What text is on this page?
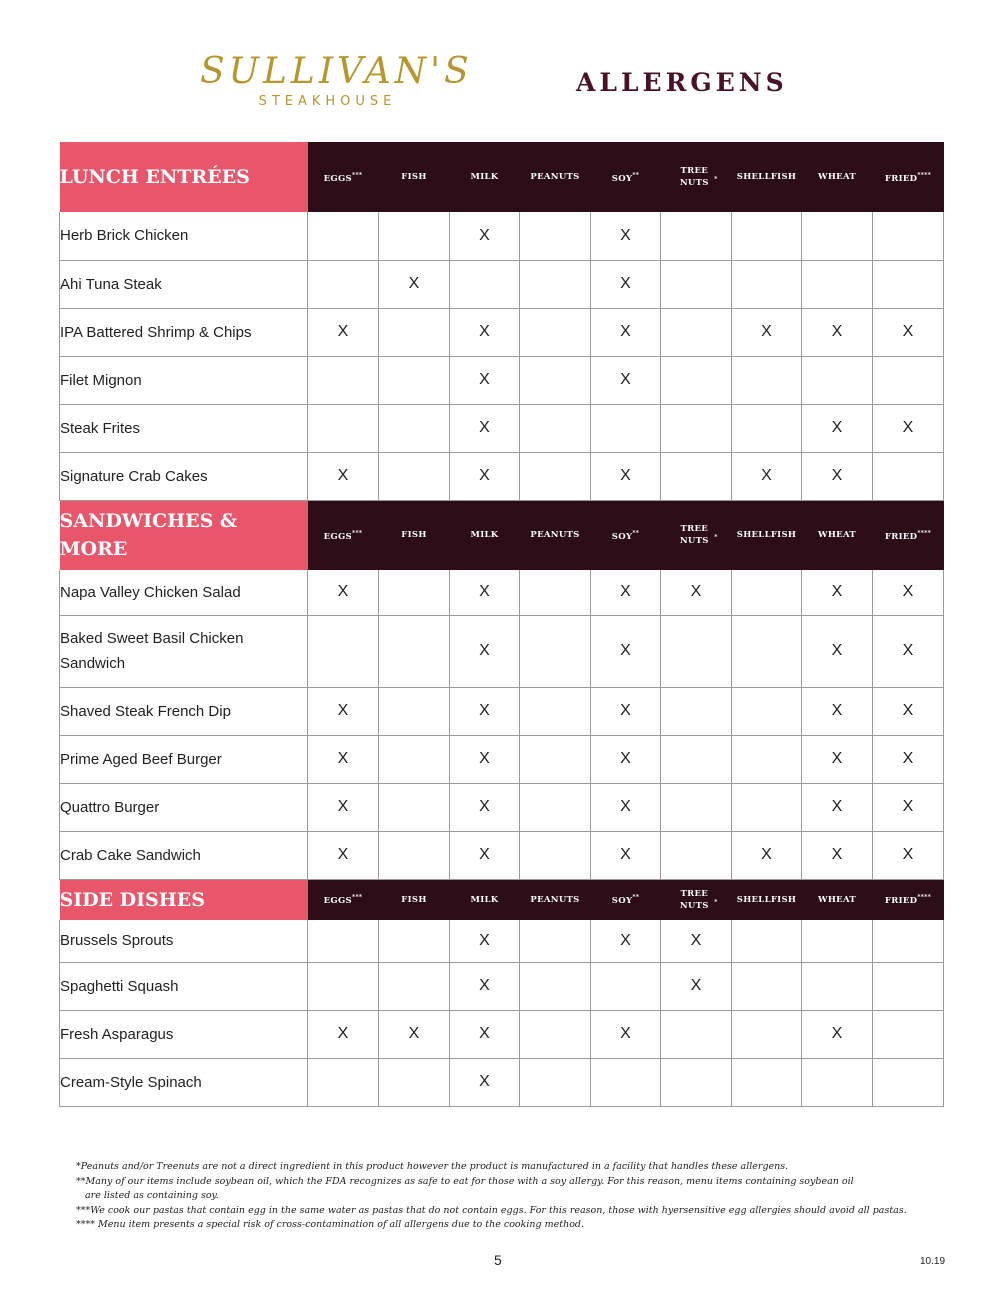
SULLIVAN'S
STEAKHOUSE
ALLERGENS
LUNCH ENTRÉES	EGGS***	FISH	MILK	PEANUTS	SOY**	TREE NUTS *	SHELLFISH	WHEAT	FRIED****
Herb Brick Chicken			X		X				
Ahi Tuna Steak		X			X				
IPA Battered Shrimp & Chips	X		X		X		X	X	X
Filet Mignon			X		X				
Steak Frites			X					X	X
Signature Crab Cakes	X		X		X		X	X	
SANDWICHES & MORE	EGGS***	FISH	MILK	PEANUTS	SOY**	TREE NUTS *	SHELLFISH	WHEAT	FRIED****
Napa Valley Chicken Salad	X		X		X	X		X	X
Baked Sweet Basil Chicken Sandwich			X		X			X	X
Shaved Steak French Dip	X		X		X			X	X
Prime Aged Beef Burger	X		X		X			X	X
Quattro Burger	X		X		X			X	X
Crab Cake Sandwich	X		X		X		X	X	X
SIDE DISHES	EGGS***	FISH	MILK	PEANUTS	SOY**	TREE NUTS *	SHELLFISH	WHEAT	FRIED****
Brussels Sprouts			X		X	X			
Spaghetti Squash			X			X			
Fresh Asparagus	X	X	X		X			X	
Cream-Style Spinach			X						

*Peanuts and/or Treenuts are not a direct ingredient in this product however the product is manufactured in a facility that handles these allergens.

**Many of our items include soybean oil, which the FDA recognizes as safe to eat for those with a soy allergy. For this reason, menu items containing soybean oil

are listed as containing soy.

***We cook our pastas that contain egg in the same water as pastas that do not contain eggs. For this reason, those with hyersensitive egg allergies should avoid all pastas.

**** Menu item presents a special risk of cross-contamination of all allergens due to the cooking method.

5	10.19
